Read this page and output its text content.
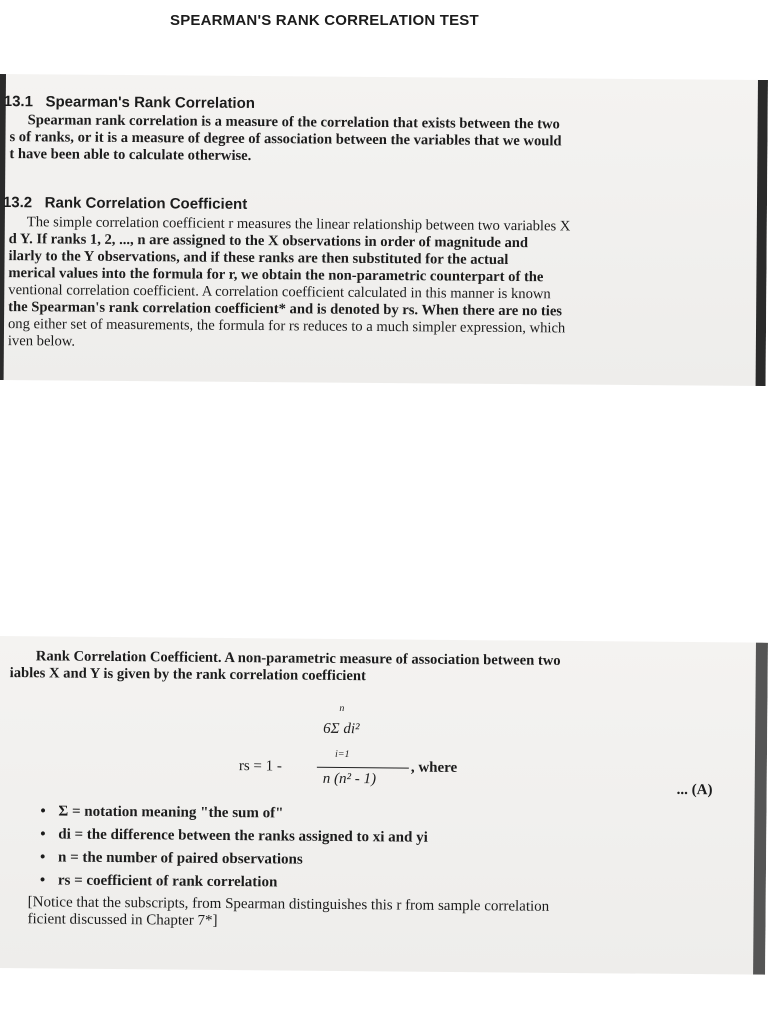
SPEARMAN'S RANK CORRELATION TEST
13.1 Spearman's Rank Correlation
Spearman rank correlation is a measure of the correlation that exists between the two
s of ranks, or it is a measure of degree of association between the variables that we would
t have been able to calculate otherwise.
13.2 Rank Correlation Coefficient
The simple correlation coefficient r measures the linear relationship between two variables X
d Y. If ranks 1, 2, ..., n are assigned to the X observations in order of magnitude and
ilarly to the Y observations, and if these ranks are then substituted for the actual
merical values into the formula for r, we obtain the non-parametric counterpart of the
ventional correlation coefficient. A correlation coefficient calculated in this manner is known
the Spearman's rank correlation coefficient* and is denoted by rs. When there are no ties
ong either set of measurements, the formula for rs reduces to a much simpler expression, which
iven below.
Rank Correlation Coefficient. A non-parametric measure of association between two
iables X and Y is given by the rank correlation coefficient
rs = 1 -
n
6Σ di²
i=1
n (n² - 1)
, where
... (A)
• Σ = notation meaning "the sum of"
• di = the difference between the ranks assigned to xi and yi
• n = the number of paired observations
• rs = coefficient of rank correlation
[Notice that the subscripts, from Spearman distinguishes this r from sample correlation
ficient discussed in Chapter 7*]
